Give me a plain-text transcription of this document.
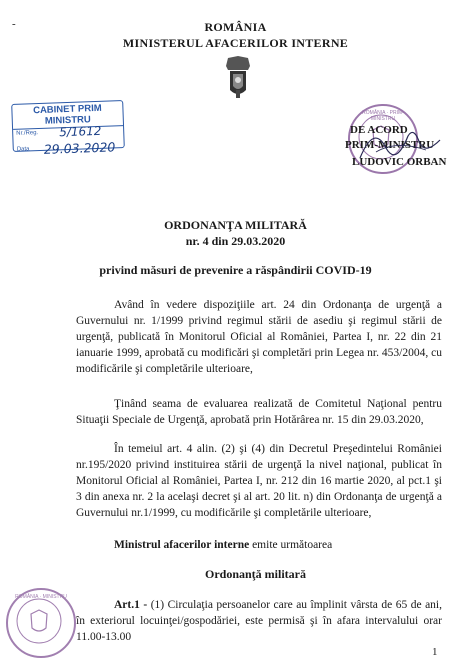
-	ROMÂNIA
MINISTERUL AFACERILOR INTERNE
CABINET PRIM MINISTRU
Nr./Reg. 5/1612
Data 29.03.2020
ROMÂNIA · PRIM-MINISTRU
DE ACORD
PRIM-MINISTRU
LUDOVIC ORBAN
ORDONANŢA MILITARĂ
nr. 4 din 29.03.2020
privind măsuri de prevenire a răspândirii COVID-19

Având în vedere dispoziţiile art. 24 din Ordonanţa de urgenţă a Guvernului nr. 1/1999 privind regimul stării de asediu şi regimul stării de urgenţă, publicată în Monitorul Oficial al României, Partea I, nr. 22 din 21 ianuarie 1999, aprobată cu modificări şi completări prin Legea nr. 453/2004, cu modificările şi completările ulterioare,

Ţinând seama de evaluarea realizată de Comitetul Naţional pentru Situaţii Speciale de Urgenţă, aprobată prin Hotărârea nr. 15 din 29.03.2020,

În temeiul art. 4 alin. (2) şi (4) din Decretul Preşedintelui României nr.195/2020 privind instituirea stării de urgenţă la nivel naţional, publicat în Monitorul Oficial al României, Partea I, nr. 212 din 16 martie 2020, al pct.1 şi 3 din anexa nr. 2 la acelaşi decret şi al art. 20 lit. n) din Ordonanţa de urgenţă a Guvernului nr.1/1999, cu modificările şi completările ulterioare,

Ministrul afacerilor interne emite următoarea

Ordonanţă militară

Art.1 - (1) Circulaţia persoanelor care au împlinit vârsta de 65 de ani, în exteriorul locuinţei/gospodăriei, este permisă şi în afara intervalului orar 11.00-13.00

ROMÂNIA · MINISTRU
1
